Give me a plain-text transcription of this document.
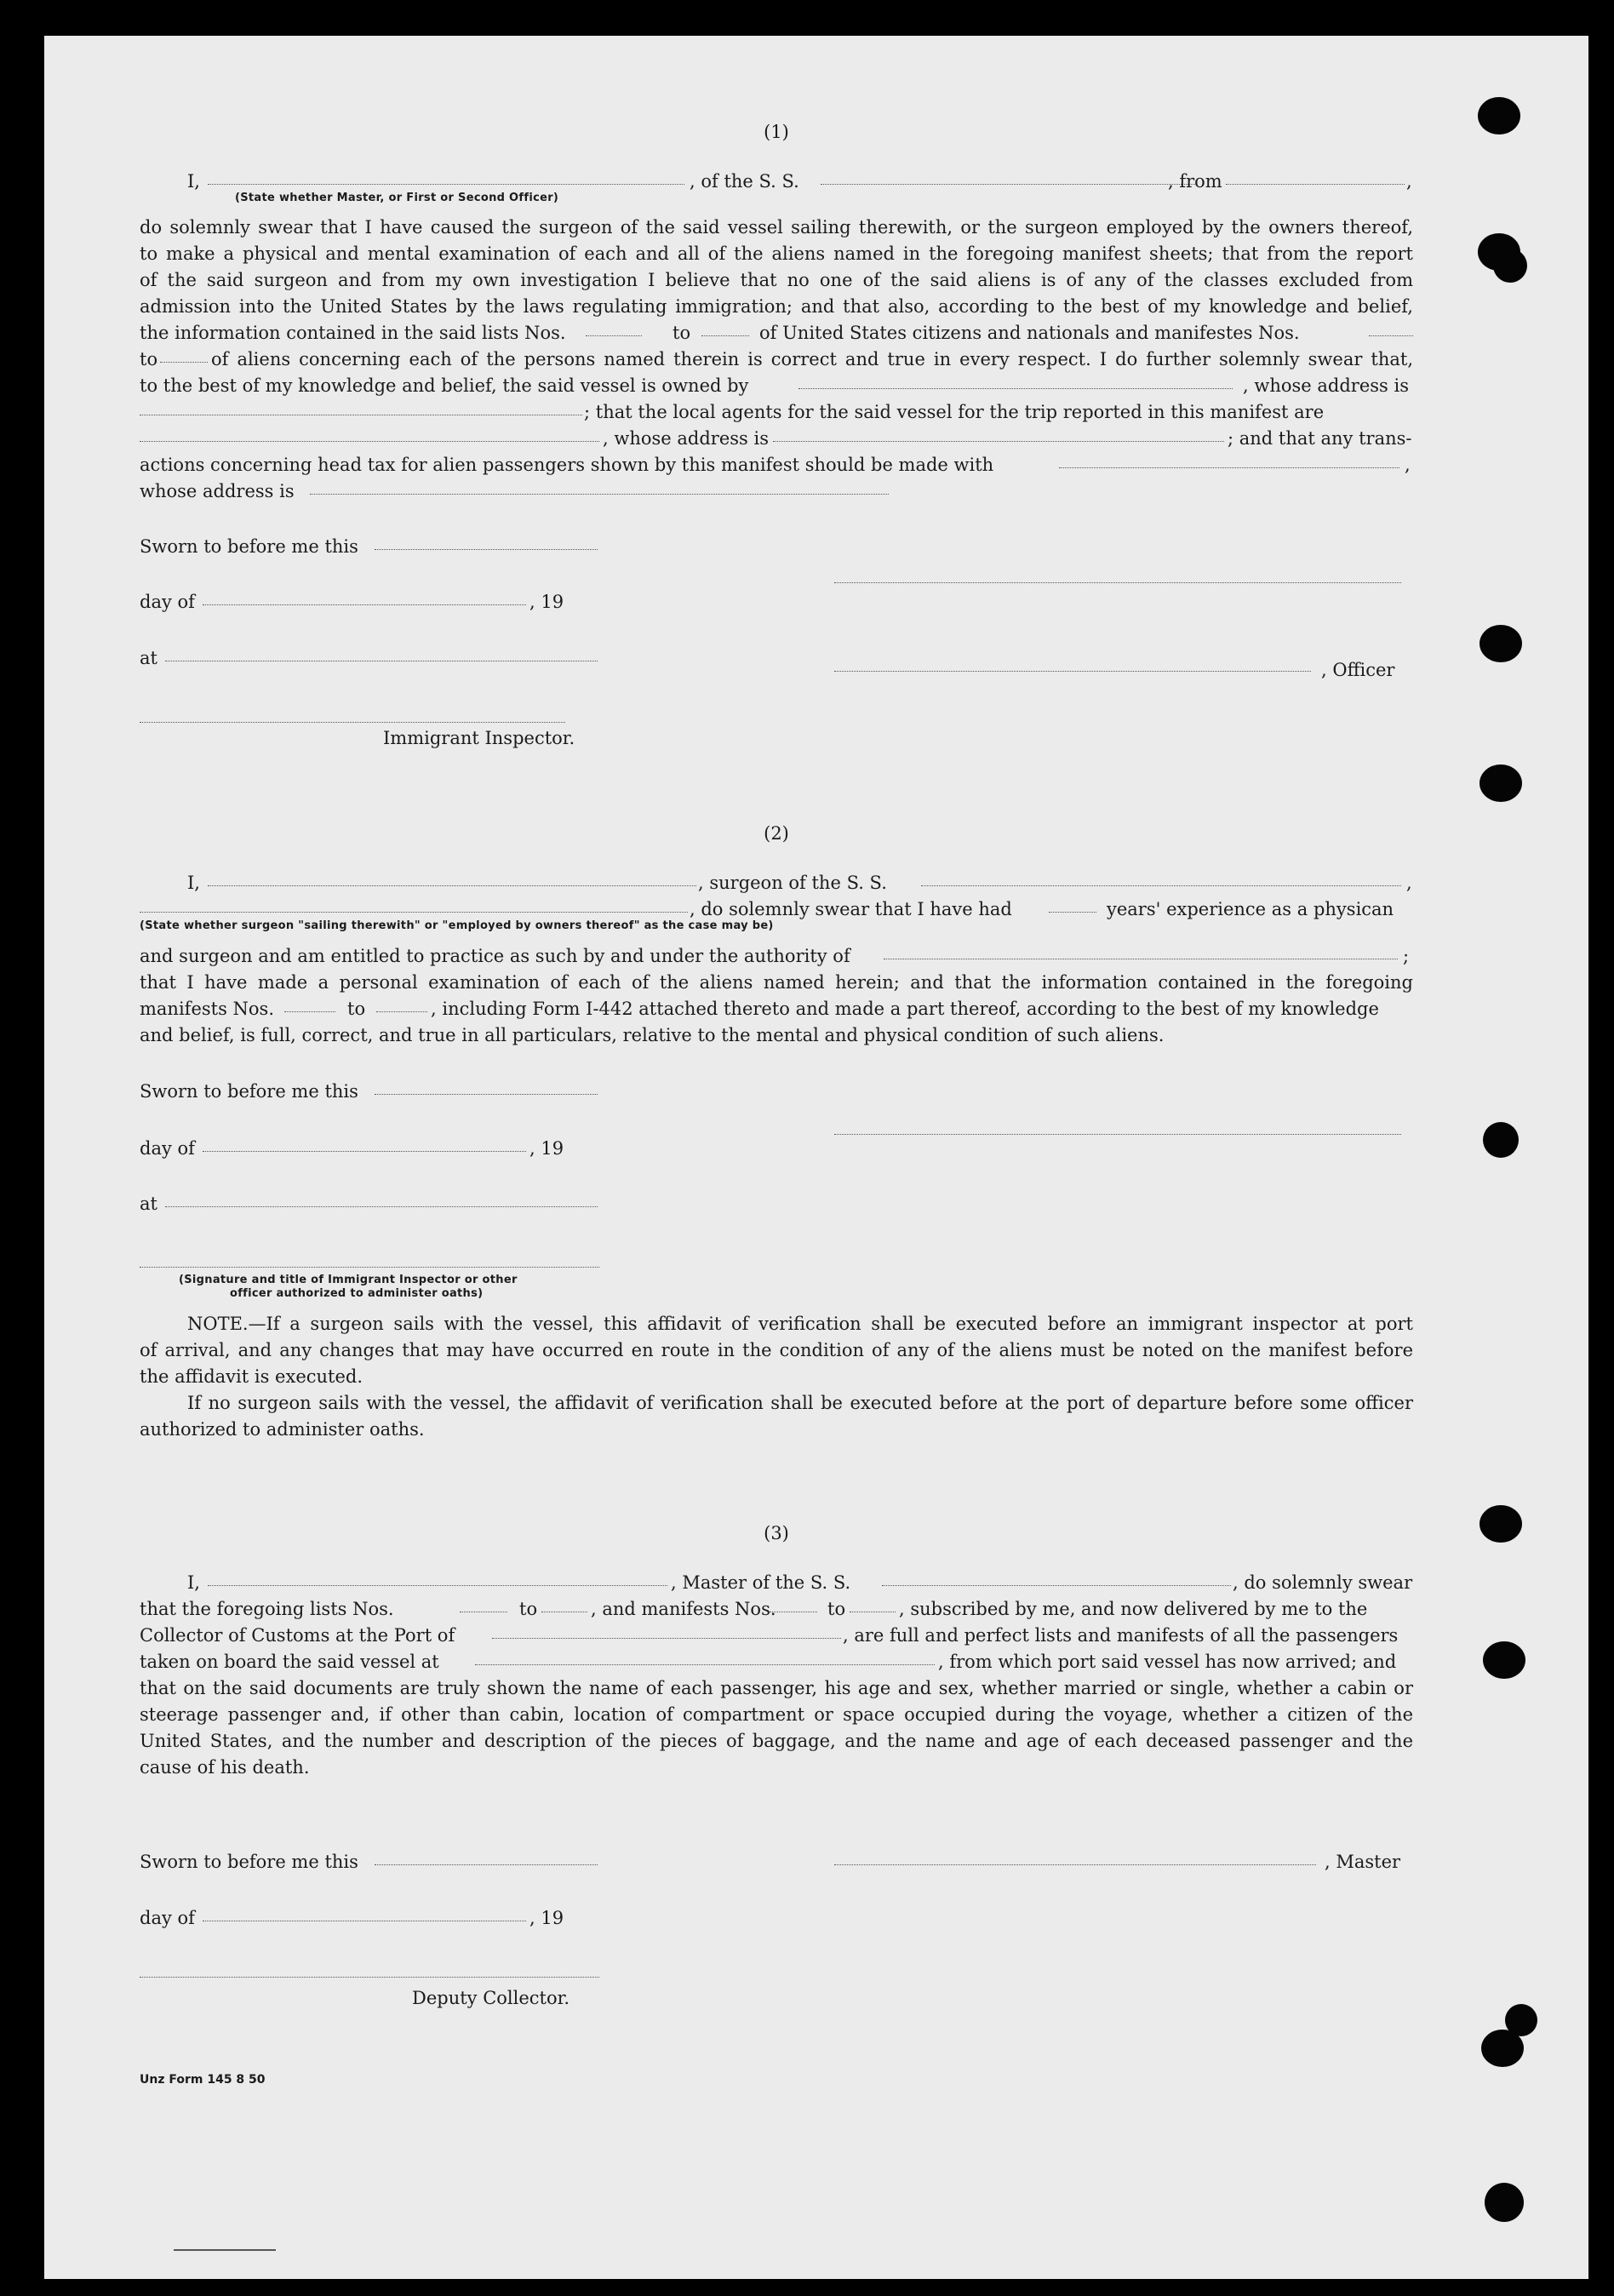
(1)
I,	, of the S. S.	, from	,
(State whether Master, or First or Second Officer)
do solemnly swear that I have caused the surgeon of the said vessel sailing therewith, or the surgeon employed by the owners thereof,
to make a physical and mental examination of each and all of the aliens named in the foregoing manifest sheets; that from the report
of the said surgeon and from my own investigation I believe that no one of the said aliens is of any of the classes excluded from
admission into the United States by the laws regulating immigration; and that also, according to the best of my knowledge and belief,
the information contained in the said lists Nos.	to	of United States citizens and nationals and manifestes Nos.
to	of aliens concerning each of the persons named therein is correct and true in every respect. I do further solemnly swear that,
to the best of my knowledge and belief, the said vessel is owned by	, whose address is
; that the local agents for the said vessel for the trip reported in this manifest are
, whose address is	; and that any trans-
actions concerning head tax for alien passengers shown by this manifest should be made with	,
whose address is
Sworn to before me this
day of	, 19
at
, Officer
Immigrant Inspector.
(2)
I,	, surgeon of the S. S.	,
, do solemnly swear that I have had	years' experience as a physican
(State whether surgeon "sailing therewith" or "employed by owners thereof" as the case may be)
and surgeon and am entitled to practice as such by and under the authority of	;
that I have made a personal examination of each of the aliens named herein; and that the information contained in the foregoing
manifests Nos.	to	, including Form I-442 attached thereto and made a part thereof, according to the best of my knowledge
and belief, is full, correct, and true in all particulars, relative to the mental and physical condition of such aliens.
Sworn to before me this
day of	, 19
at
(Signature and title of Immigrant Inspector or other
officer authorized to administer oaths)
NOTE.—If a surgeon sails with the vessel, this affidavit of verification shall be executed before an immigrant inspector at port
of arrival, and any changes that may have occurred en route in the condition of any of the aliens must be noted on the manifest before
the affidavit is executed.
If no surgeon sails with the vessel, the affidavit of verification shall be executed before at the port of departure before some officer
authorized to administer oaths.
(3)
I,	, Master of the S. S.	, do solemnly swear
that the foregoing lists Nos.	to	, and manifests Nos.	to	, subscribed by me, and now delivered by me to the
Collector of Customs at the Port of	, are full and perfect lists and manifests of all the passengers
taken on board the said vessel at	, from which port said vessel has now arrived; and
that on the said documents are truly shown the name of each passenger, his age and sex, whether married or single, whether a cabin or
steerage passenger and, if other than cabin, location of compartment or space occupied during the voyage, whether a citizen of the
United States, and the number and description of the pieces of baggage, and the name and age of each deceased passenger and the
cause of his death.
Sworn to before me this	, Master
day of	, 19
Deputy Collector.
Unz Form 145 8 50
